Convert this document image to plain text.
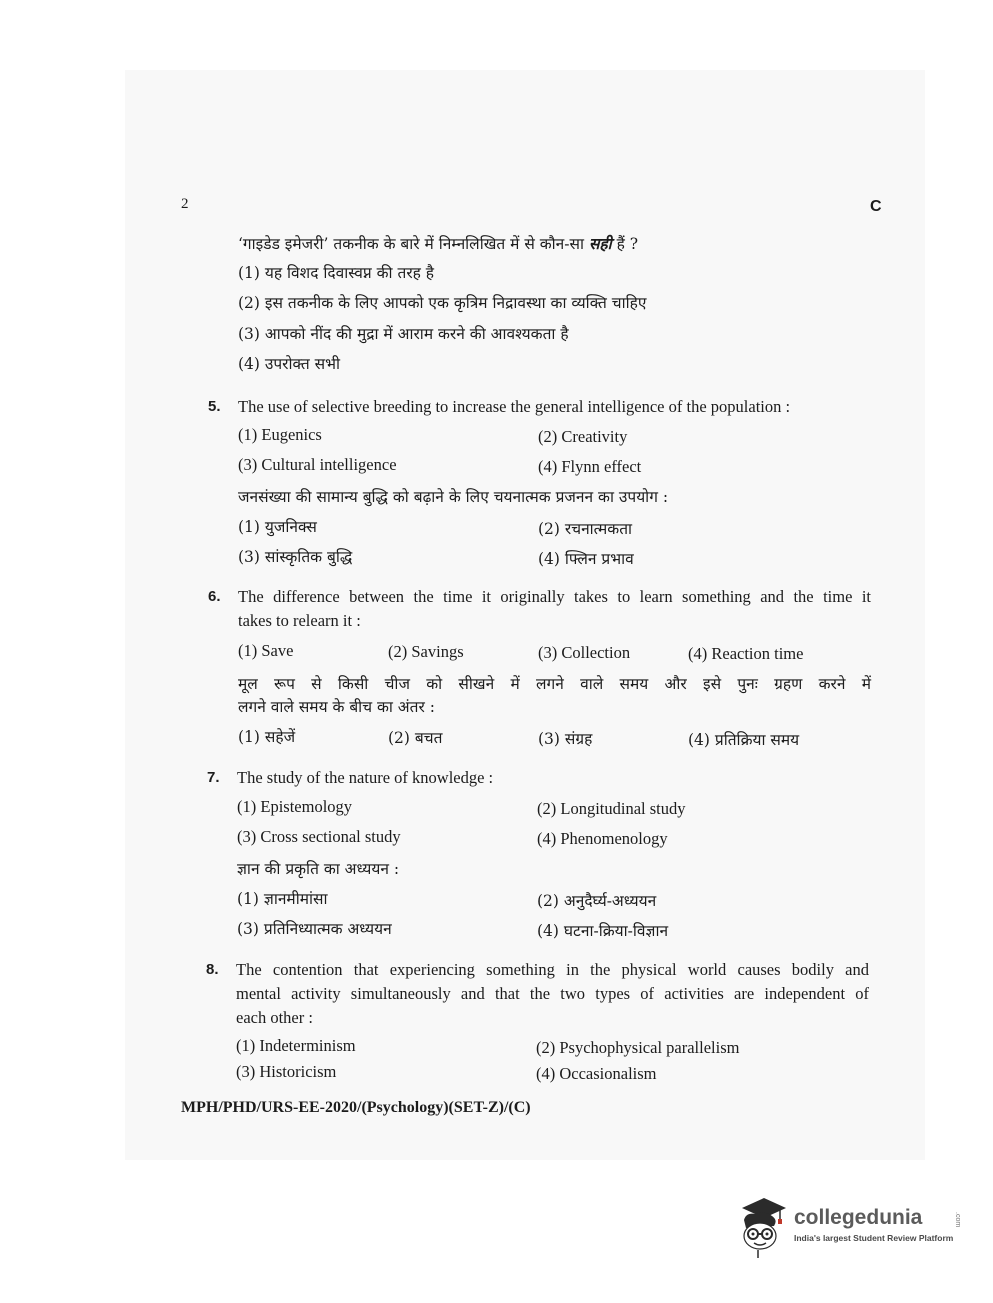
2	C
‘गाइडेड इमेजरी’ तकनीक के बारे में निम्नलिखित में से कौन-सा सही हैं ?
(1) यह विशद दिवास्वप्न की तरह है
(2) इस तकनीक के लिए आपको एक कृत्रिम निद्रावस्था का व्यक्ति चाहिए
(3) आपको नींद की मुद्रा में आराम करने की आवश्यकता है
(4) उपरोक्त सभी
5. The use of selective breeding to increase the general intelligence of the population :
(1) Eugenics	(2) Creativity
(3) Cultural intelligence	(4) Flynn effect
जनसंख्या की सामान्य बुद्धि को बढ़ाने के लिए चयनात्मक प्रजनन का उपयोग :
(1) युजनिक्स	(2) रचनात्मकता
(3) सांस्कृतिक बुद्धि	(4) फ्लिन प्रभाव
6. The difference between the time it originally takes to learn something and the time it
takes to relearn it :
(1) Save	(2) Savings	(3) Collection	(4) Reaction time
मूल रूप से किसी चीज को सीखने में लगने वाले समय और इसे पुनः ग्रहण करने में
लगने वाले समय के बीच का अंतर :
(1) सहेजें	(2) बचत	(3) संग्रह	(4) प्रतिक्रिया समय
7. The study of the nature of knowledge :
(1) Epistemology	(2) Longitudinal study
(3) Cross sectional study	(4) Phenomenology
ज्ञान की प्रकृति का अध्ययन :
(1) ज्ञानमीमांसा	(2) अनुदैर्घ्य-अध्ययन
(3) प्रतिनिध्यात्मक अध्ययन	(4) घटना-क्रिया-विज्ञान
8. The contention that experiencing something in the physical world causes bodily and
mental activity simultaneously and that the two types of activities are independent of
each other :
(1) Indeterminism	(2) Psychophysical parallelism
(3) Historicism	(4) Occasionalism
MPH/PHD/URS-EE-2020/(Psychology)(SET-Z)/(C)
collegedunia	.com
India's largest Student Review Platform
